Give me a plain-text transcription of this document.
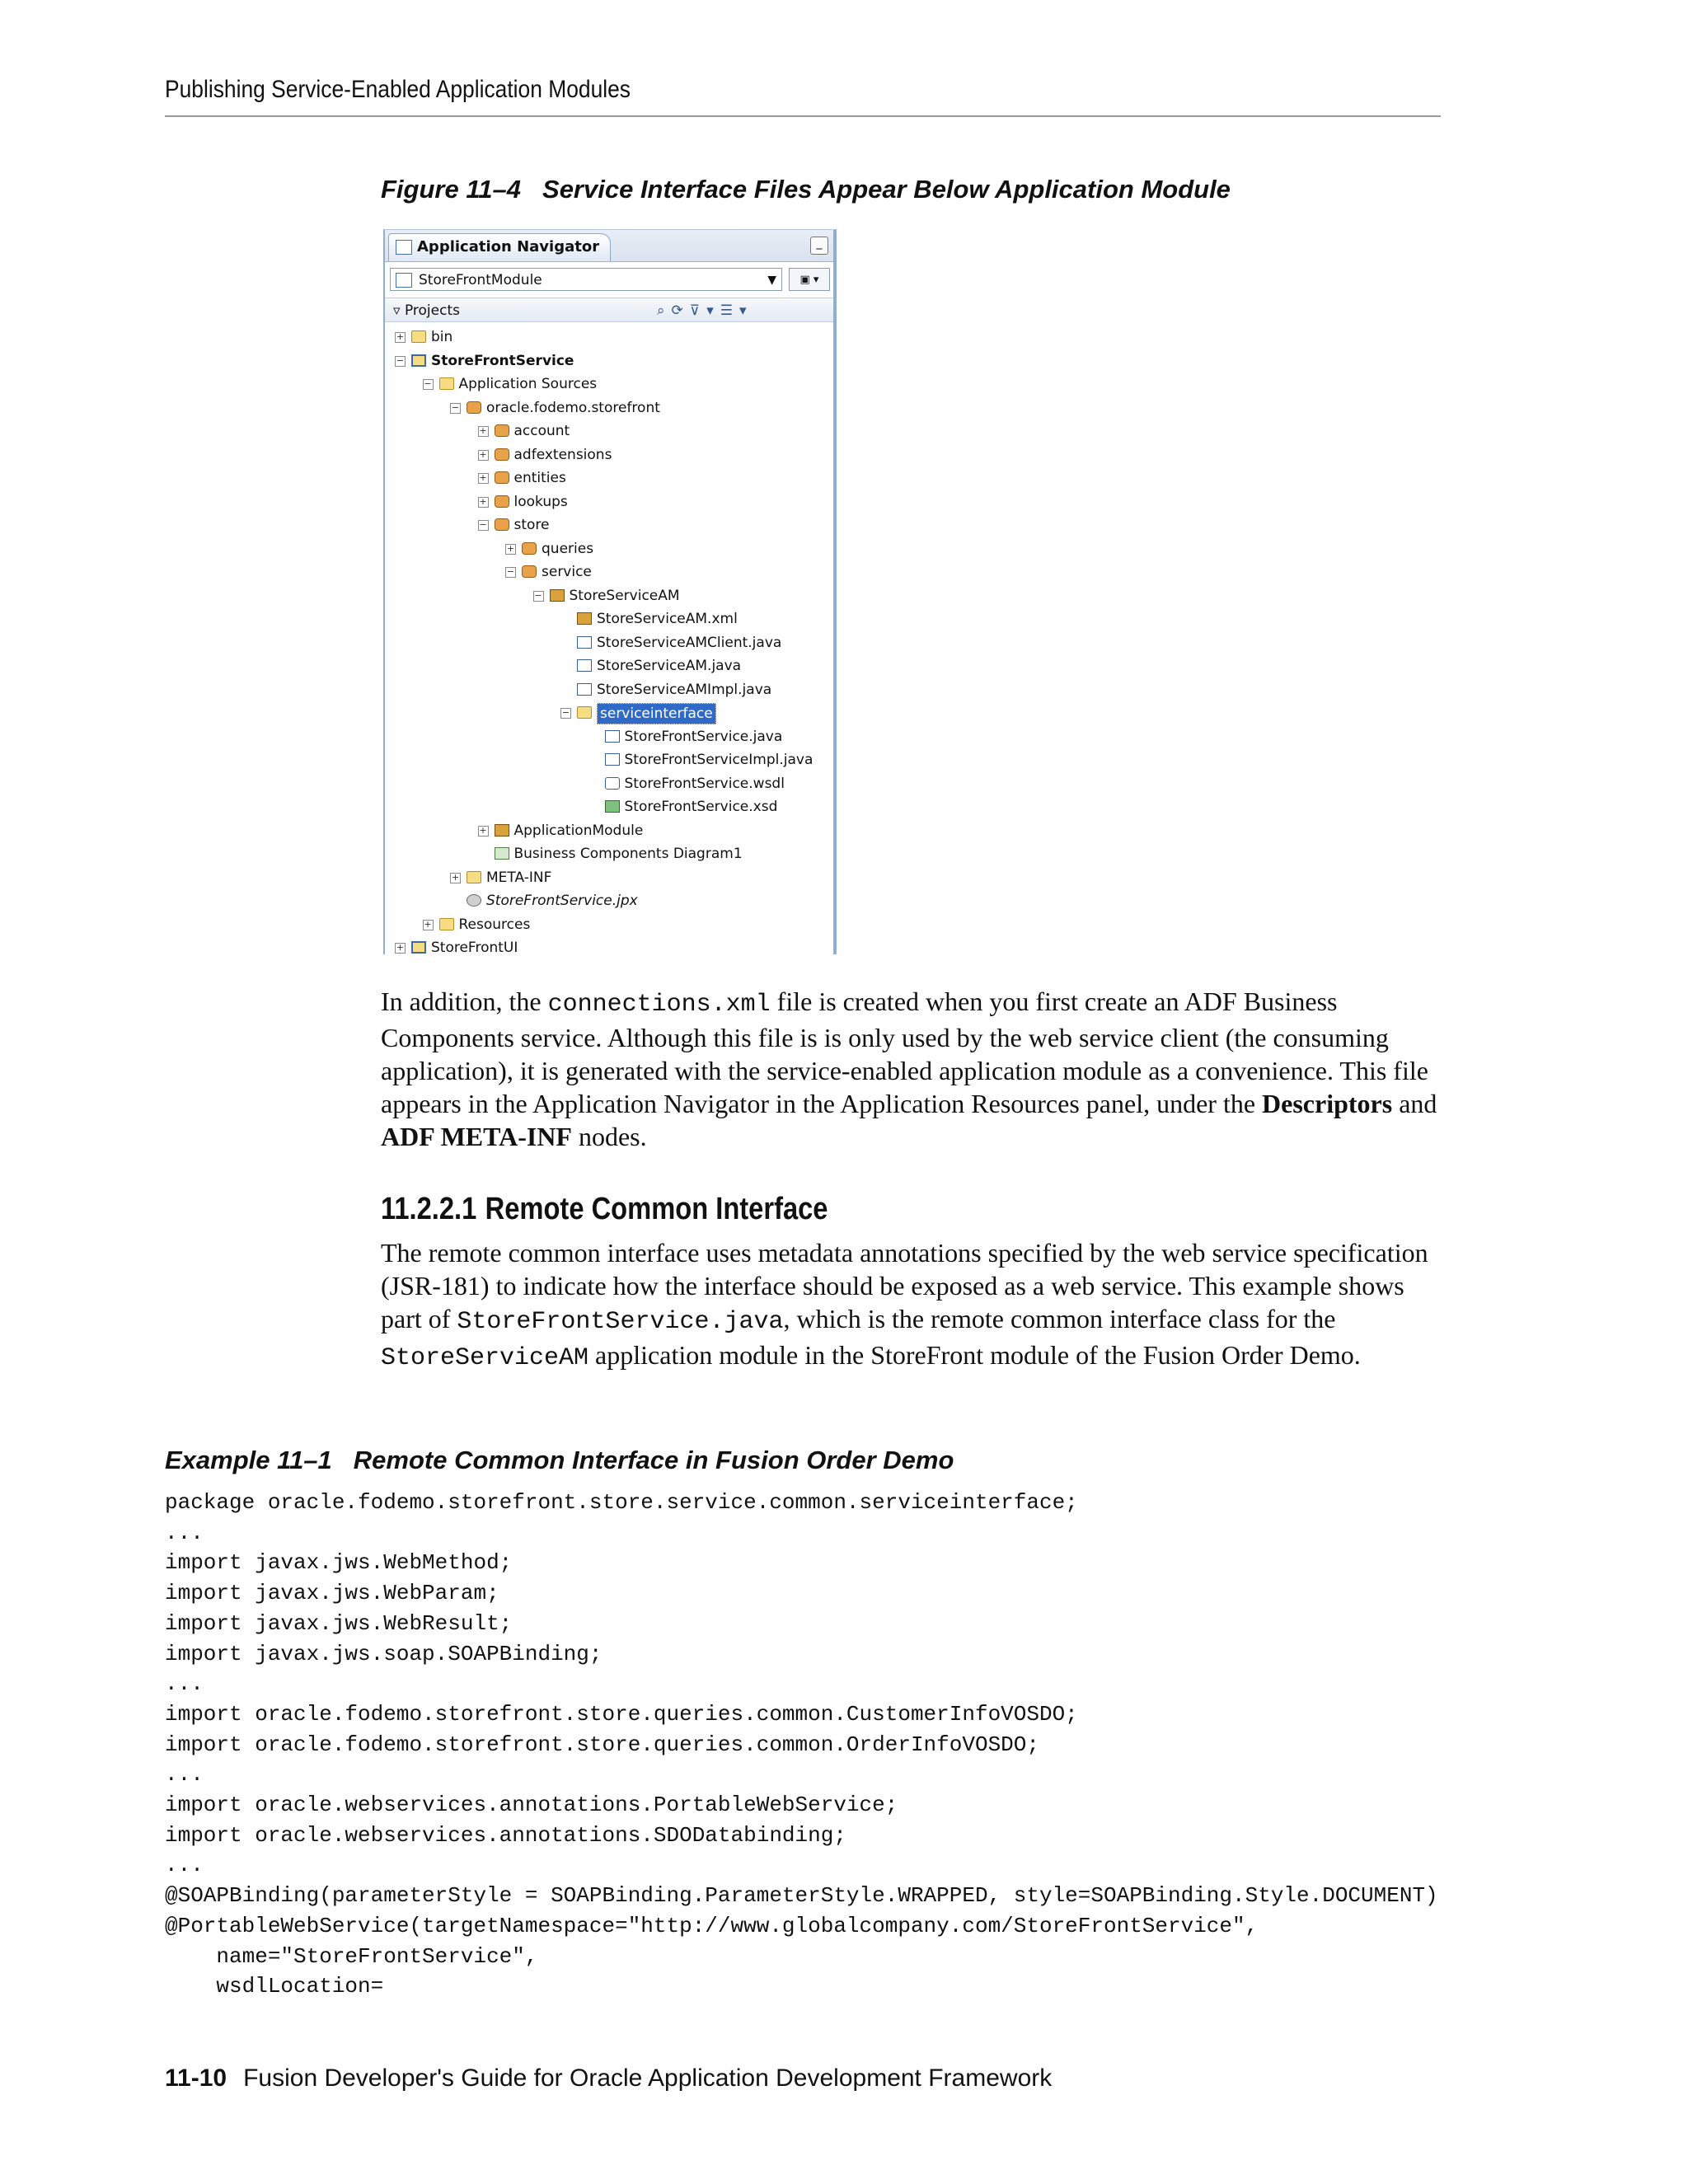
Publishing Service-Enabled Application Modules
Figure 11–4 Service Interface Files Appear Below Application Module
Application Navigator	_
StoreFrontModule	▼	▣ ▾
▿ Projects	⌕⟳⊽▾☰▾
+ bin
− StoreFrontService
− Application Sources
− oracle.fodemo.storefront
+ account
+ adfextensions
+ entities
+ lookups
− store
+ queries
− service
− StoreServiceAM
StoreServiceAM.xml
StoreServiceAMClient.java
StoreServiceAM.java
StoreServiceAMImpl.java
− serviceinterface
StoreFrontService.java
StoreFrontServiceImpl.java
StoreFrontService.wsdl
StoreFrontService.xsd
+ ApplicationModule
Business Components Diagram1
+ META-INF
StoreFrontService.jpx
+ Resources
+ StoreFrontUI
In addition, the connections.xml file is created when you first create an ADF Business Components service. Although this file is is only used by the web service client (the consuming application), it is generated with the service-enabled application module as a convenience. This file appears in the Application Navigator in the Application Resources panel, under the Descriptors and ADF META-INF nodes.
11.2.2.1 Remote Common Interface
The remote common interface uses metadata annotations specified by the web service specification (JSR-181) to indicate how the interface should be exposed as a web service. This example shows part of StoreFrontService.java, which is the remote common interface class for the StoreServiceAM application module in the StoreFront module of the Fusion Order Demo.
Example 11–1 Remote Common Interface in Fusion Order Demo
package oracle.fodemo.storefront.store.service.common.serviceinterface;
...
import javax.jws.WebMethod;
import javax.jws.WebParam;
import javax.jws.WebResult;
import javax.jws.soap.SOAPBinding;
...
import oracle.fodemo.storefront.store.queries.common.CustomerInfoVOSDO;
import oracle.fodemo.storefront.store.queries.common.OrderInfoVOSDO;
...
import oracle.webservices.annotations.PortableWebService;
import oracle.webservices.annotations.SDODatabinding;
...
@SOAPBinding(parameterStyle = SOAPBinding.ParameterStyle.WRAPPED, style=SOAPBinding.Style.DOCUMENT)
@PortableWebService(targetNamespace="http://www.globalcompany.com/StoreFrontService",
name="StoreFrontService",
wsdlLocation=
11-10 Fusion Developer's Guide for Oracle Application Development Framework
